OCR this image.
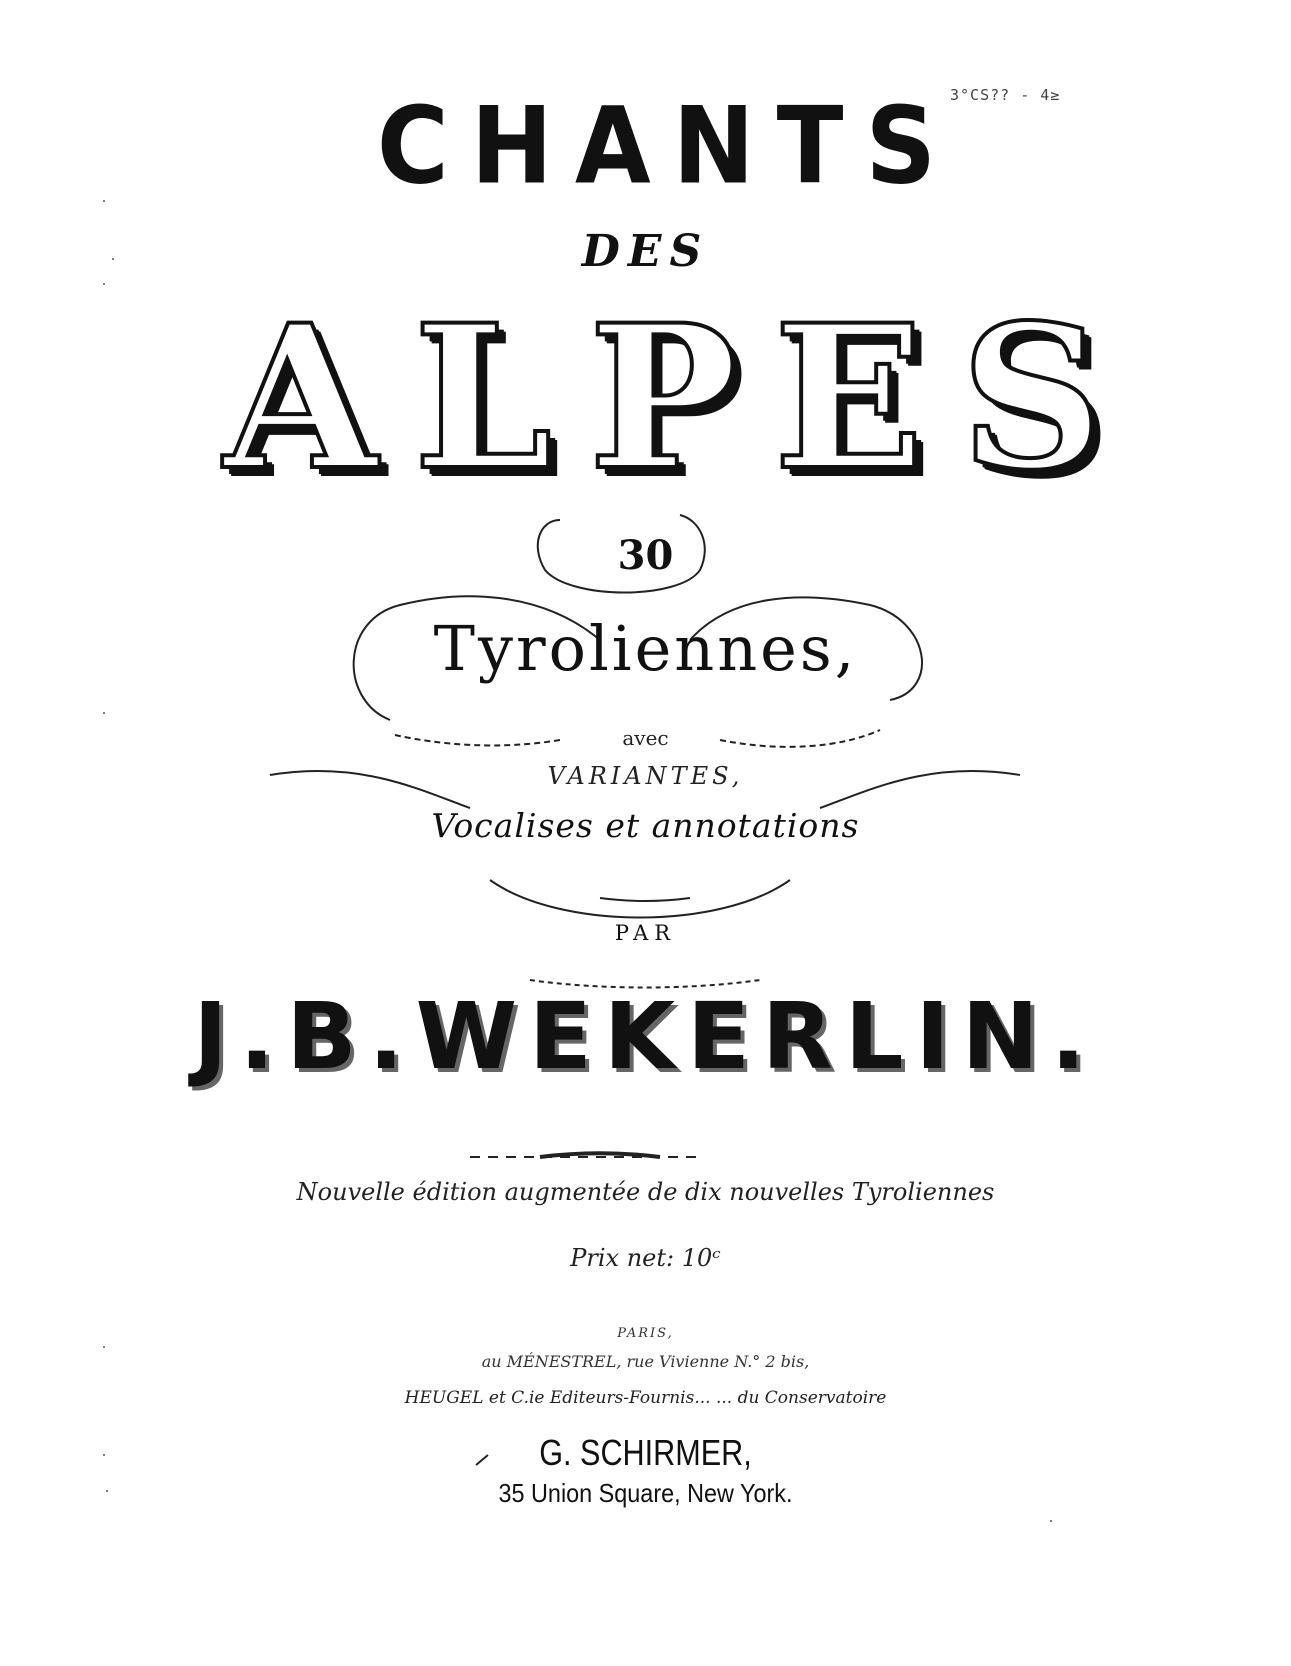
3°CS?? - 4≥
CHANTS
DES
ALPES
30
Tyroliennes,
avec
VARIANTES,
Vocalises et annotations
PAR
J.B.WEKERLIN.
Nouvelle édition augmentée de dix nouvelles Tyroliennes
Prix net: 10ᶜ
PARIS,
au MÉNESTREL, rue Vivienne N.° 2 bis,
HEUGEL et C.ie Editeurs-Fournis... ... du Conservatoire
G. SCHIRMER,
35 Union Square, New York.
